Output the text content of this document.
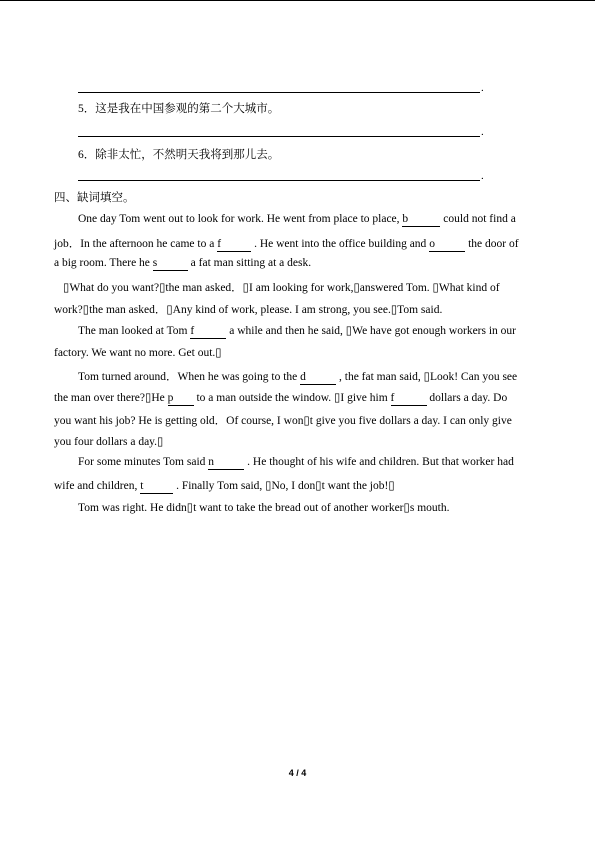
.
5．这是我在中国参观的第二个大城市。
.
6．除非太忙，不然明天我将到那儿去。
.
四、缺词填空。
One day Tom went out to look for work. He went from place to place, b	could not find a
job．In the afternoon he came to a f	. He went into the office building and o	the door of
a big room. There he s	a fat man sitting at a desk.
▯What do you want?▯the man asked．▯I am looking for work,▯answered Tom. ▯What kind of
work?▯the man asked．▯Any kind of work, please. I am strong, you see.▯Tom said.
The man looked at Tom f	a while and then he said, ▯We have got enough workers in our
factory. We want no more. Get out.▯
Tom turned around．When he was going to the d	, the fat man said, ▯Look! Can you see
the man over there?▯He p to a man outside the window. ▯I give him f	dollars a day. Do
you want his job? He is getting old．Of course, I won▯t give you five dollars a day. I can only give
you four dollars a day.▯
For some minutes Tom said n	. He thought of his wife and children. But that worker had
wife and children, t	. Finally Tom said, ▯No, I don▯t want the job!▯
Tom was right. He didn▯t want to take the bread out of another worker▯s mouth.
4 / 4
